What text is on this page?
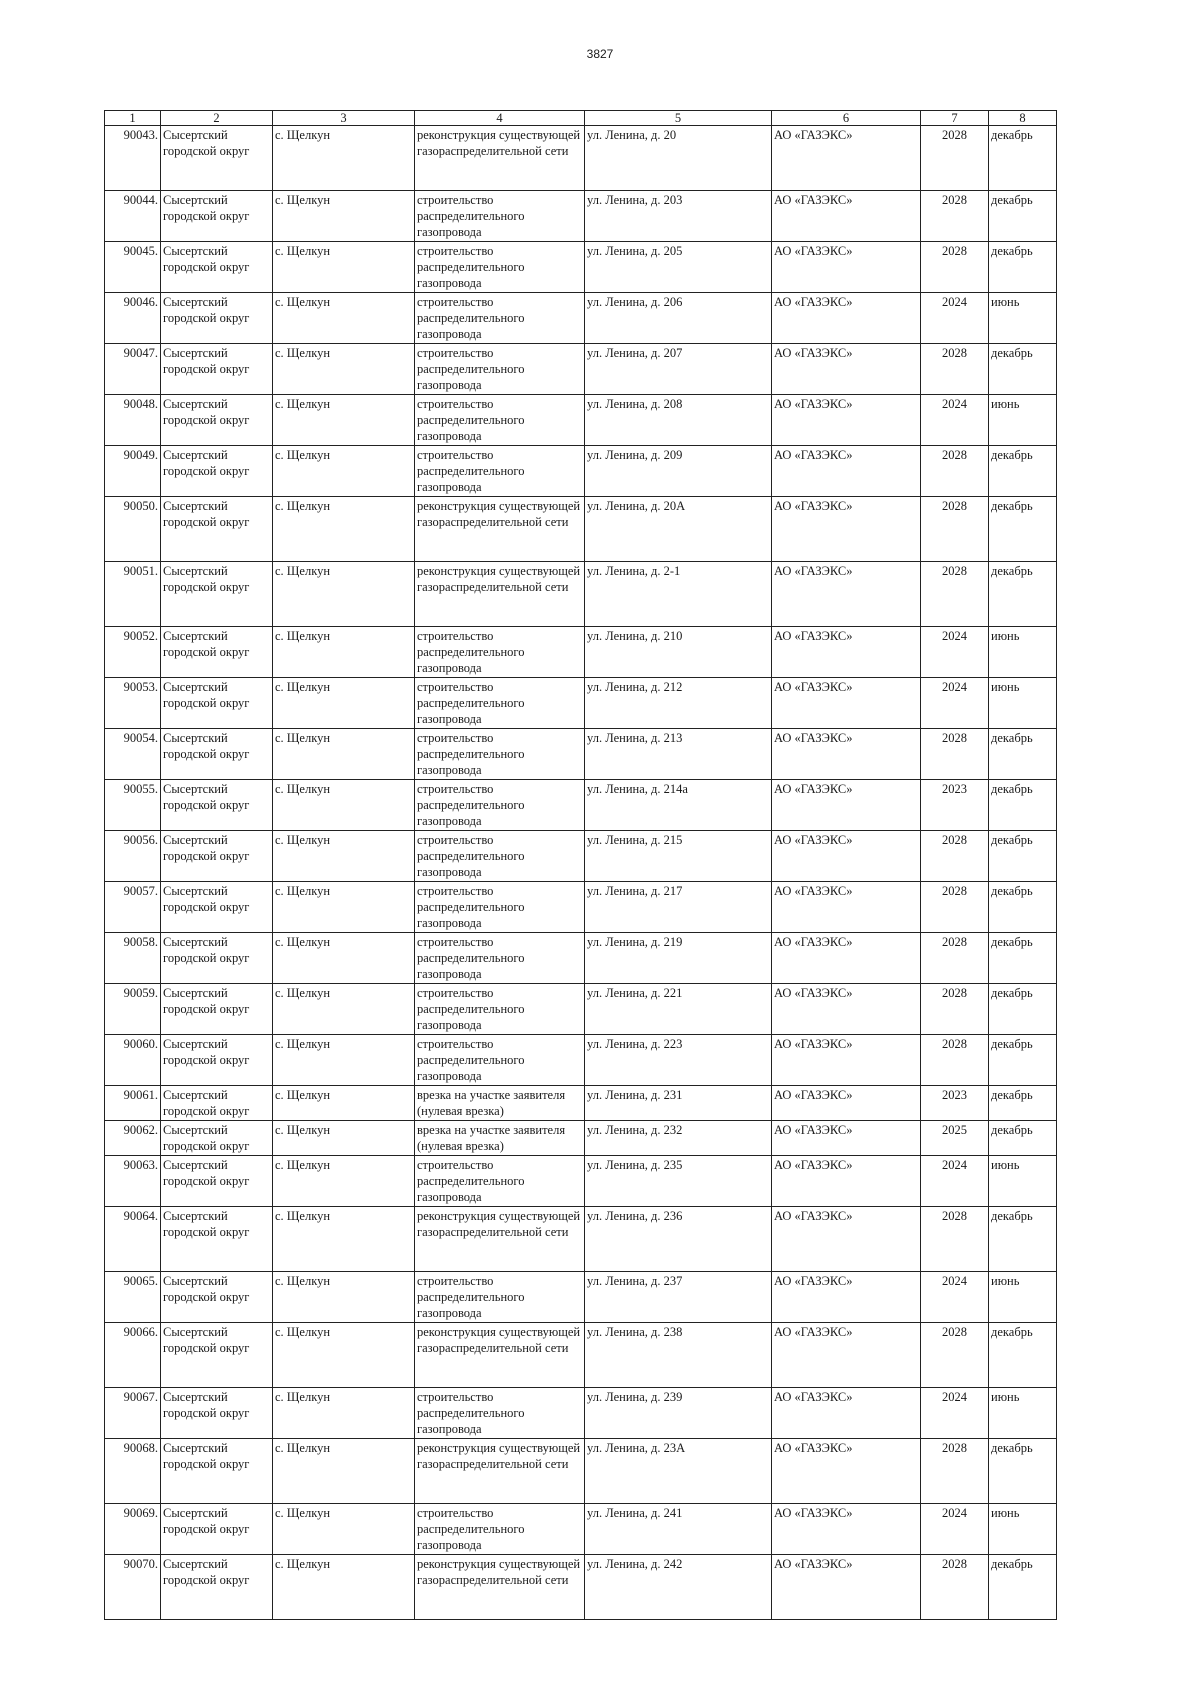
3827
1	2	3	4	5	6	7	8
90043.	Сысертский городской округ	с. Щелкун	реконструкция существующей газораспределительной сети	ул. Ленина, д. 20	АО «ГАЗЭКС»	2028	декабрь
90044.	Сысертский городской округ	с. Щелкун	строительство распределительного газопровода	ул. Ленина, д. 203	АО «ГАЗЭКС»	2028	декабрь
90045.	Сысертский городской округ	с. Щелкун	строительство распределительного газопровода	ул. Ленина, д. 205	АО «ГАЗЭКС»	2028	декабрь
90046.	Сысертский городской округ	с. Щелкун	строительство распределительного газопровода	ул. Ленина, д. 206	АО «ГАЗЭКС»	2024	июнь
90047.	Сысертский городской округ	с. Щелкун	строительство распределительного газопровода	ул. Ленина, д. 207	АО «ГАЗЭКС»	2028	декабрь
90048.	Сысертский городской округ	с. Щелкун	строительство распределительного газопровода	ул. Ленина, д. 208	АО «ГАЗЭКС»	2024	июнь
90049.	Сысертский городской округ	с. Щелкун	строительство распределительного газопровода	ул. Ленина, д. 209	АО «ГАЗЭКС»	2028	декабрь
90050.	Сысертский городской округ	с. Щелкун	реконструкция существующей газораспределительной сети	ул. Ленина, д. 20А	АО «ГАЗЭКС»	2028	декабрь
90051.	Сысертский городской округ	с. Щелкун	реконструкция существующей газораспределительной сети	ул. Ленина, д. 2-1	АО «ГАЗЭКС»	2028	декабрь
90052.	Сысертский городской округ	с. Щелкун	строительство распределительного газопровода	ул. Ленина, д. 210	АО «ГАЗЭКС»	2024	июнь
90053.	Сысертский городской округ	с. Щелкун	строительство распределительного газопровода	ул. Ленина, д. 212	АО «ГАЗЭКС»	2024	июнь
90054.	Сысертский городской округ	с. Щелкун	строительство распределительного газопровода	ул. Ленина, д. 213	АО «ГАЗЭКС»	2028	декабрь
90055.	Сысертский городской округ	с. Щелкун	строительство распределительного газопровода	ул. Ленина, д. 214а	АО «ГАЗЭКС»	2023	декабрь
90056.	Сысертский городской округ	с. Щелкун	строительство распределительного газопровода	ул. Ленина, д. 215	АО «ГАЗЭКС»	2028	декабрь
90057.	Сысертский городской округ	с. Щелкун	строительство распределительного газопровода	ул. Ленина, д. 217	АО «ГАЗЭКС»	2028	декабрь
90058.	Сысертский городской округ	с. Щелкун	строительство распределительного газопровода	ул. Ленина, д. 219	АО «ГАЗЭКС»	2028	декабрь
90059.	Сысертский городской округ	с. Щелкун	строительство распределительного газопровода	ул. Ленина, д. 221	АО «ГАЗЭКС»	2028	декабрь
90060.	Сысертский городской округ	с. Щелкун	строительство распределительного газопровода	ул. Ленина, д. 223	АО «ГАЗЭКС»	2028	декабрь
90061.	Сысертский городской округ	с. Щелкун	врезка на участке заявителя (нулевая врезка)	ул. Ленина, д. 231	АО «ГАЗЭКС»	2023	декабрь
90062.	Сысертский городской округ	с. Щелкун	врезка на участке заявителя (нулевая врезка)	ул. Ленина, д. 232	АО «ГАЗЭКС»	2025	декабрь
90063.	Сысертский городской округ	с. Щелкун	строительство распределительного газопровода	ул. Ленина, д. 235	АО «ГАЗЭКС»	2024	июнь
90064.	Сысертский городской округ	с. Щелкун	реконструкция существующей газораспределительной сети	ул. Ленина, д. 236	АО «ГАЗЭКС»	2028	декабрь
90065.	Сысертский городской округ	с. Щелкун	строительство распределительного газопровода	ул. Ленина, д. 237	АО «ГАЗЭКС»	2024	июнь
90066.	Сысертский городской округ	с. Щелкун	реконструкция существующей газораспределительной сети	ул. Ленина, д. 238	АО «ГАЗЭКС»	2028	декабрь
90067.	Сысертский городской округ	с. Щелкун	строительство распределительного газопровода	ул. Ленина, д. 239	АО «ГАЗЭКС»	2024	июнь
90068.	Сысертский городской округ	с. Щелкун	реконструкция существующей газораспределительной сети	ул. Ленина, д. 23А	АО «ГАЗЭКС»	2028	декабрь
90069.	Сысертский городской округ	с. Щелкун	строительство распределительного газопровода	ул. Ленина, д. 241	АО «ГАЗЭКС»	2024	июнь
90070.	Сысертский городской округ	с. Щелкун	реконструкция существующей газораспределительной сети	ул. Ленина, д. 242	АО «ГАЗЭКС»	2028	декабрь
